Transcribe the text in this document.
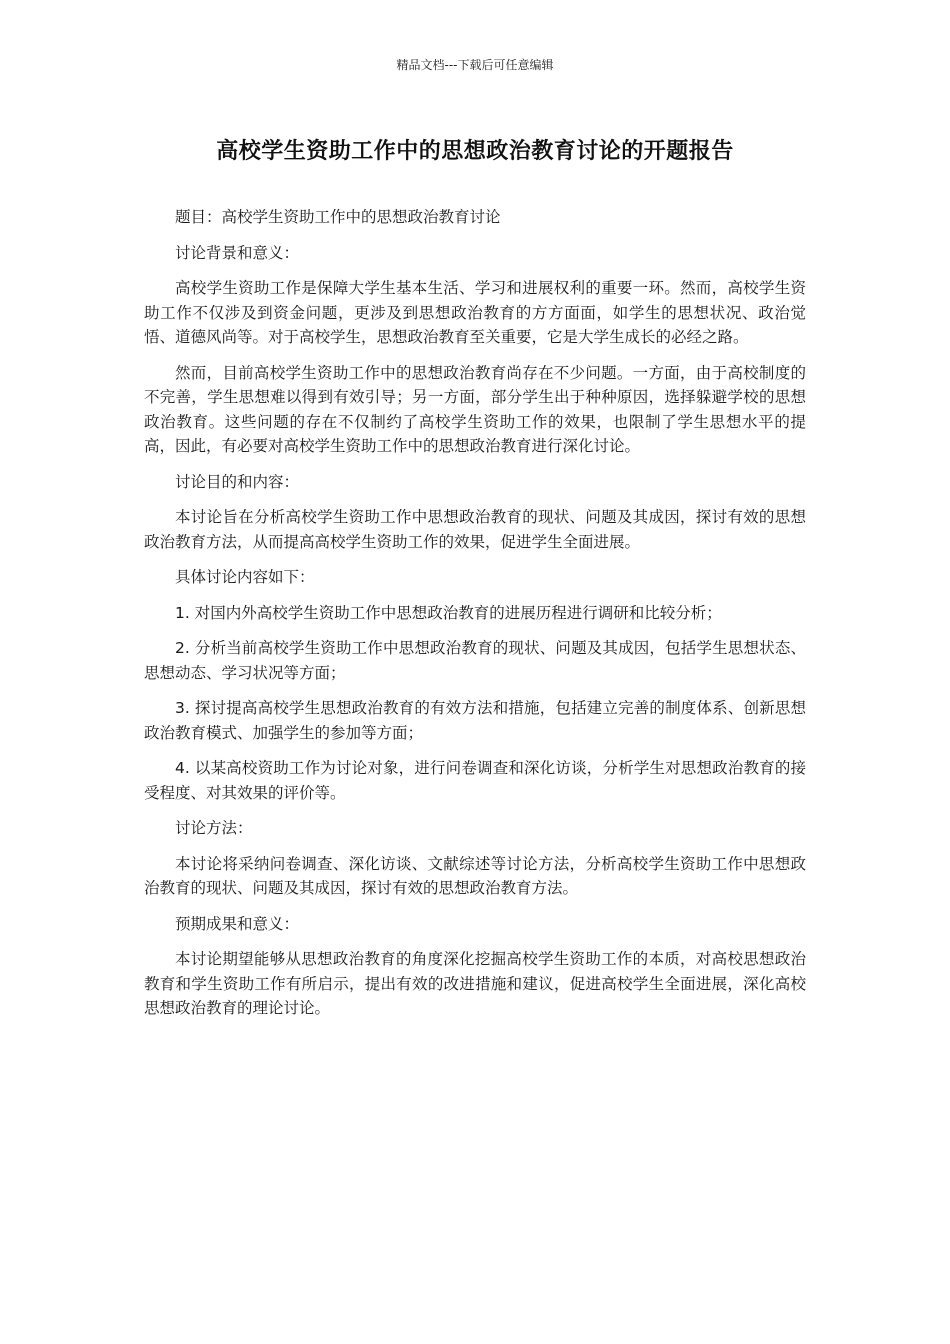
精品文档---下载后可任意编辑
高校学生资助工作中的思想政治教育讨论的开题报告

题目：高校学生资助工作中的思想政治教育讨论

讨论背景和意义：

高校学生资助工作是保障大学生基本生活、学习和进展权利的重要一环。然而，高校学生资助工作不仅涉及到资金问题，更涉及到思想政治教育的方方面面，如学生的思想状况、政治觉悟、道德风尚等。对于高校学生，思想政治教育至关重要，它是大学生成长的必经之路。

然而，目前高校学生资助工作中的思想政治教育尚存在不少问题。一方面，由于高校制度的不完善，学生思想难以得到有效引导；另一方面，部分学生出于种种原因，选择躲避学校的思想政治教育。这些问题的存在不仅制约了高校学生资助工作的效果，也限制了学生思想水平的提高，因此，有必要对高校学生资助工作中的思想政治教育进行深化讨论。

讨论目的和内容：

本讨论旨在分析高校学生资助工作中思想政治教育的现状、问题及其成因，探讨有效的思想政治教育方法，从而提高高校学生资助工作的效果，促进学生全面进展。

具体讨论内容如下：

1. 对国内外高校学生资助工作中思想政治教育的进展历程进行调研和比较分析；

2. 分析当前高校学生资助工作中思想政治教育的现状、问题及其成因，包括学生思想状态、思想动态、学习状况等方面；

3. 探讨提高高校学生思想政治教育的有效方法和措施，包括建立完善的制度体系、创新思想政治教育模式、加强学生的参加等方面；

4. 以某高校资助工作为讨论对象，进行问卷调查和深化访谈，分析学生对思想政治教育的接受程度、对其效果的评价等。

讨论方法：

本讨论将采纳问卷调查、深化访谈、文献综述等讨论方法，分析高校学生资助工作中思想政治教育的现状、问题及其成因，探讨有效的思想政治教育方法。

预期成果和意义：

本讨论期望能够从思想政治教育的角度深化挖掘高校学生资助工作的本质，对高校思想政治教育和学生资助工作有所启示，提出有效的改进措施和建议，促进高校学生全面进展，深化高校思想政治教育的理论讨论。
